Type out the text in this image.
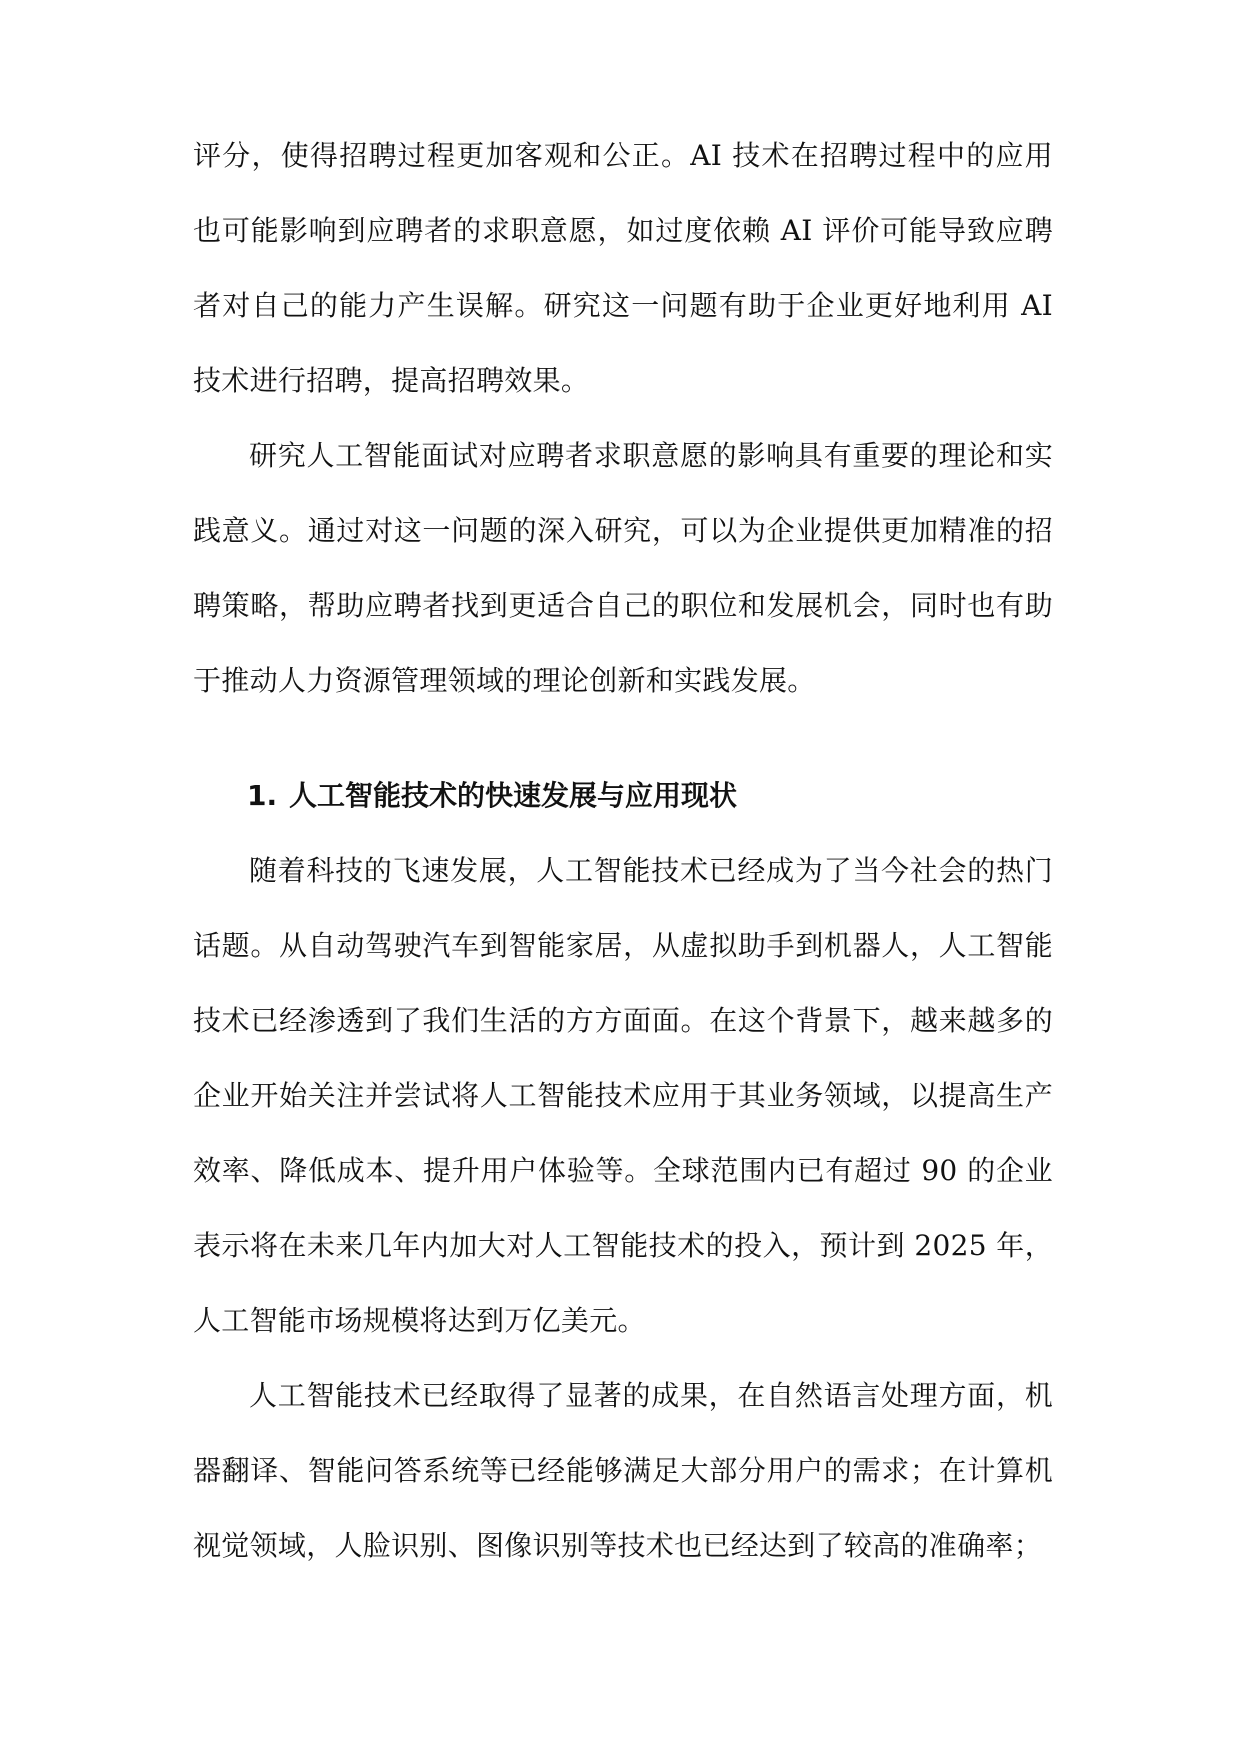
评分，使得招聘过程更加客观和公正。AI 技术在招聘过程中的应用也可能影响到应聘者的求职意愿，如过度依赖 AI 评价可能导致应聘者对自己的能力产生误解。研究这一问题有助于企业更好地利用 AI 技术进行招聘，提高招聘效果。

研究人工智能面试对应聘者求职意愿的影响具有重要的理论和实践意义。通过对这一问题的深入研究，可以为企业提供更加精准的招聘策略，帮助应聘者找到更适合自己的职位和发展机会，同时也有助于推动人力资源管理领域的理论创新和实践发展。

1. 人工智能技术的快速发展与应用现状

随着科技的飞速发展，人工智能技术已经成为了当今社会的热门话题。从自动驾驶汽车到智能家居，从虚拟助手到机器人，人工智能技术已经渗透到了我们生活的方方面面。在这个背景下，越来越多的企业开始关注并尝试将人工智能技术应用于其业务领域，以提高生产效率、降低成本、提升用户体验等。全球范围内已有超过 90 的企业表示将在未来几年内加大对人工智能技术的投入，预计到 2025 年，人工智能市场规模将达到万亿美元。

人工智能技术已经取得了显著的成果，在自然语言处理方面，机器翻译、智能问答系统等已经能够满足大部分用户的需求；在计算机视觉领域，人脸识别、图像识别等技术也已经达到了较高的准确率；
